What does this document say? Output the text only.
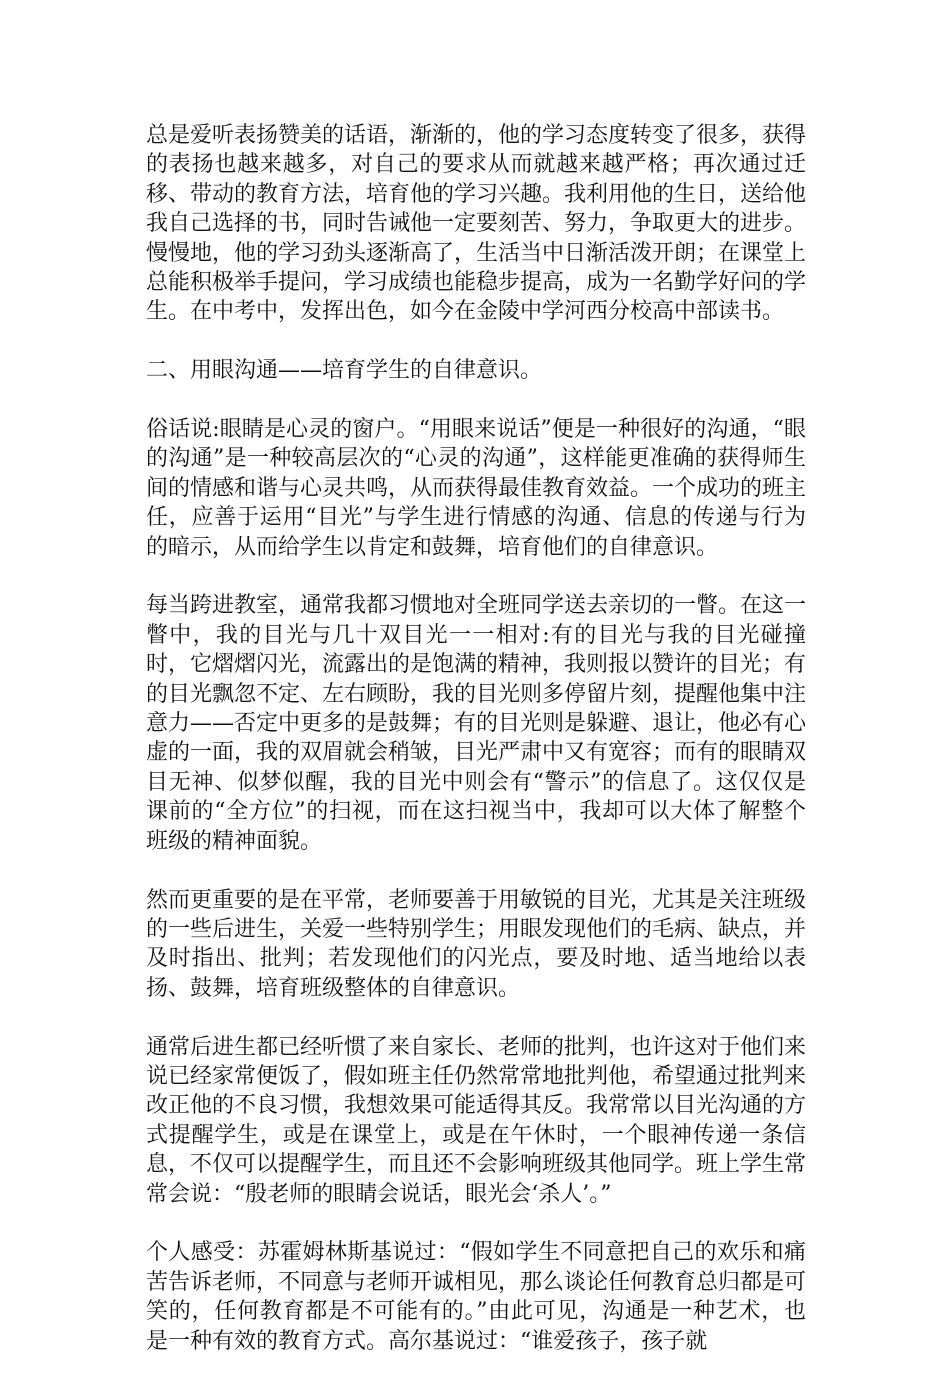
总是爱听表扬赞美的话语，渐渐的，他的学习态度转变了很多，获得的表扬也越来越多，对自己的要求从而就越来越严格；再次通过迁移、带动的教育方法，培育他的学习兴趣。我利用他的生日，送给他我自己选择的书，同时告诫他一定要刻苦、努力，争取更大的进步。慢慢地，他的学习劲头逐渐高了，生活当中日渐活泼开朗；在课堂上总能积极举手提问，学习成绩也能稳步提高，成为一名勤学好问的学生。在中考中，发挥出色，如今在金陵中学河西分校高中部读书。

二、用眼沟通——培育学生的自律意识。

俗话说:眼睛是心灵的窗户。“用眼来说话”便是一种很好的沟通，“眼的沟通”是一种较高层次的“心灵的沟通”，这样能更准确的获得师生间的情感和谐与心灵共鸣，从而获得最佳教育效益。一个成功的班主任，应善于运用“目光”与学生进行情感的沟通、信息的传递与行为的暗示，从而给学生以肯定和鼓舞，培育他们的自律意识。

每当跨进教室，通常我都习惯地对全班同学送去亲切的一瞥。在这一瞥中，我的目光与几十双目光一一相对:有的目光与我的目光碰撞时，它熠熠闪光，流露出的是饱满的精神，我则报以赞许的目光；有的目光飘忽不定、左右顾盼，我的目光则多停留片刻，提醒他集中注意力——否定中更多的是鼓舞；有的目光则是躲避、退让，他必有心虚的一面，我的双眉就会稍皱，目光严肃中又有宽容；而有的眼睛双目无神、似梦似醒，我的目光中则会有“警示”的信息了。这仅仅是课前的“全方位”的扫视，而在这扫视当中，我却可以大体了解整个班级的精神面貌。

然而更重要的是在平常，老师要善于用敏锐的目光，尤其是关注班级的一些后进生，关爱一些特别学生；用眼发现他们的毛病、缺点，并及时指出、批判；若发现他们的闪光点，要及时地、适当地给以表扬、鼓舞，培育班级整体的自律意识。

通常后进生都已经听惯了来自家长、老师的批判，也许这对于他们来说已经家常便饭了，假如班主任仍然常常地批判他，希望通过批判来改正他的不良习惯，我想效果可能适得其反。我常常以目光沟通的方式提醒学生，或是在课堂上，或是在午休时，一个眼神传递一条信息，不仅可以提醒学生，而且还不会影响班级其他同学。班上学生常常会说：“殷老师的眼睛会说话，眼光会‘杀人’。”

个人感受：苏霍姆林斯基说过：“假如学生不同意把自己的欢乐和痛苦告诉老师，不同意与老师开诚相见，那么谈论任何教育总归都是可笑的，任何教育都是不可能有的。”由此可见，沟通是一种艺术，也是一种有效的教育方式。高尔基说过：“谁爱孩子，孩子就
